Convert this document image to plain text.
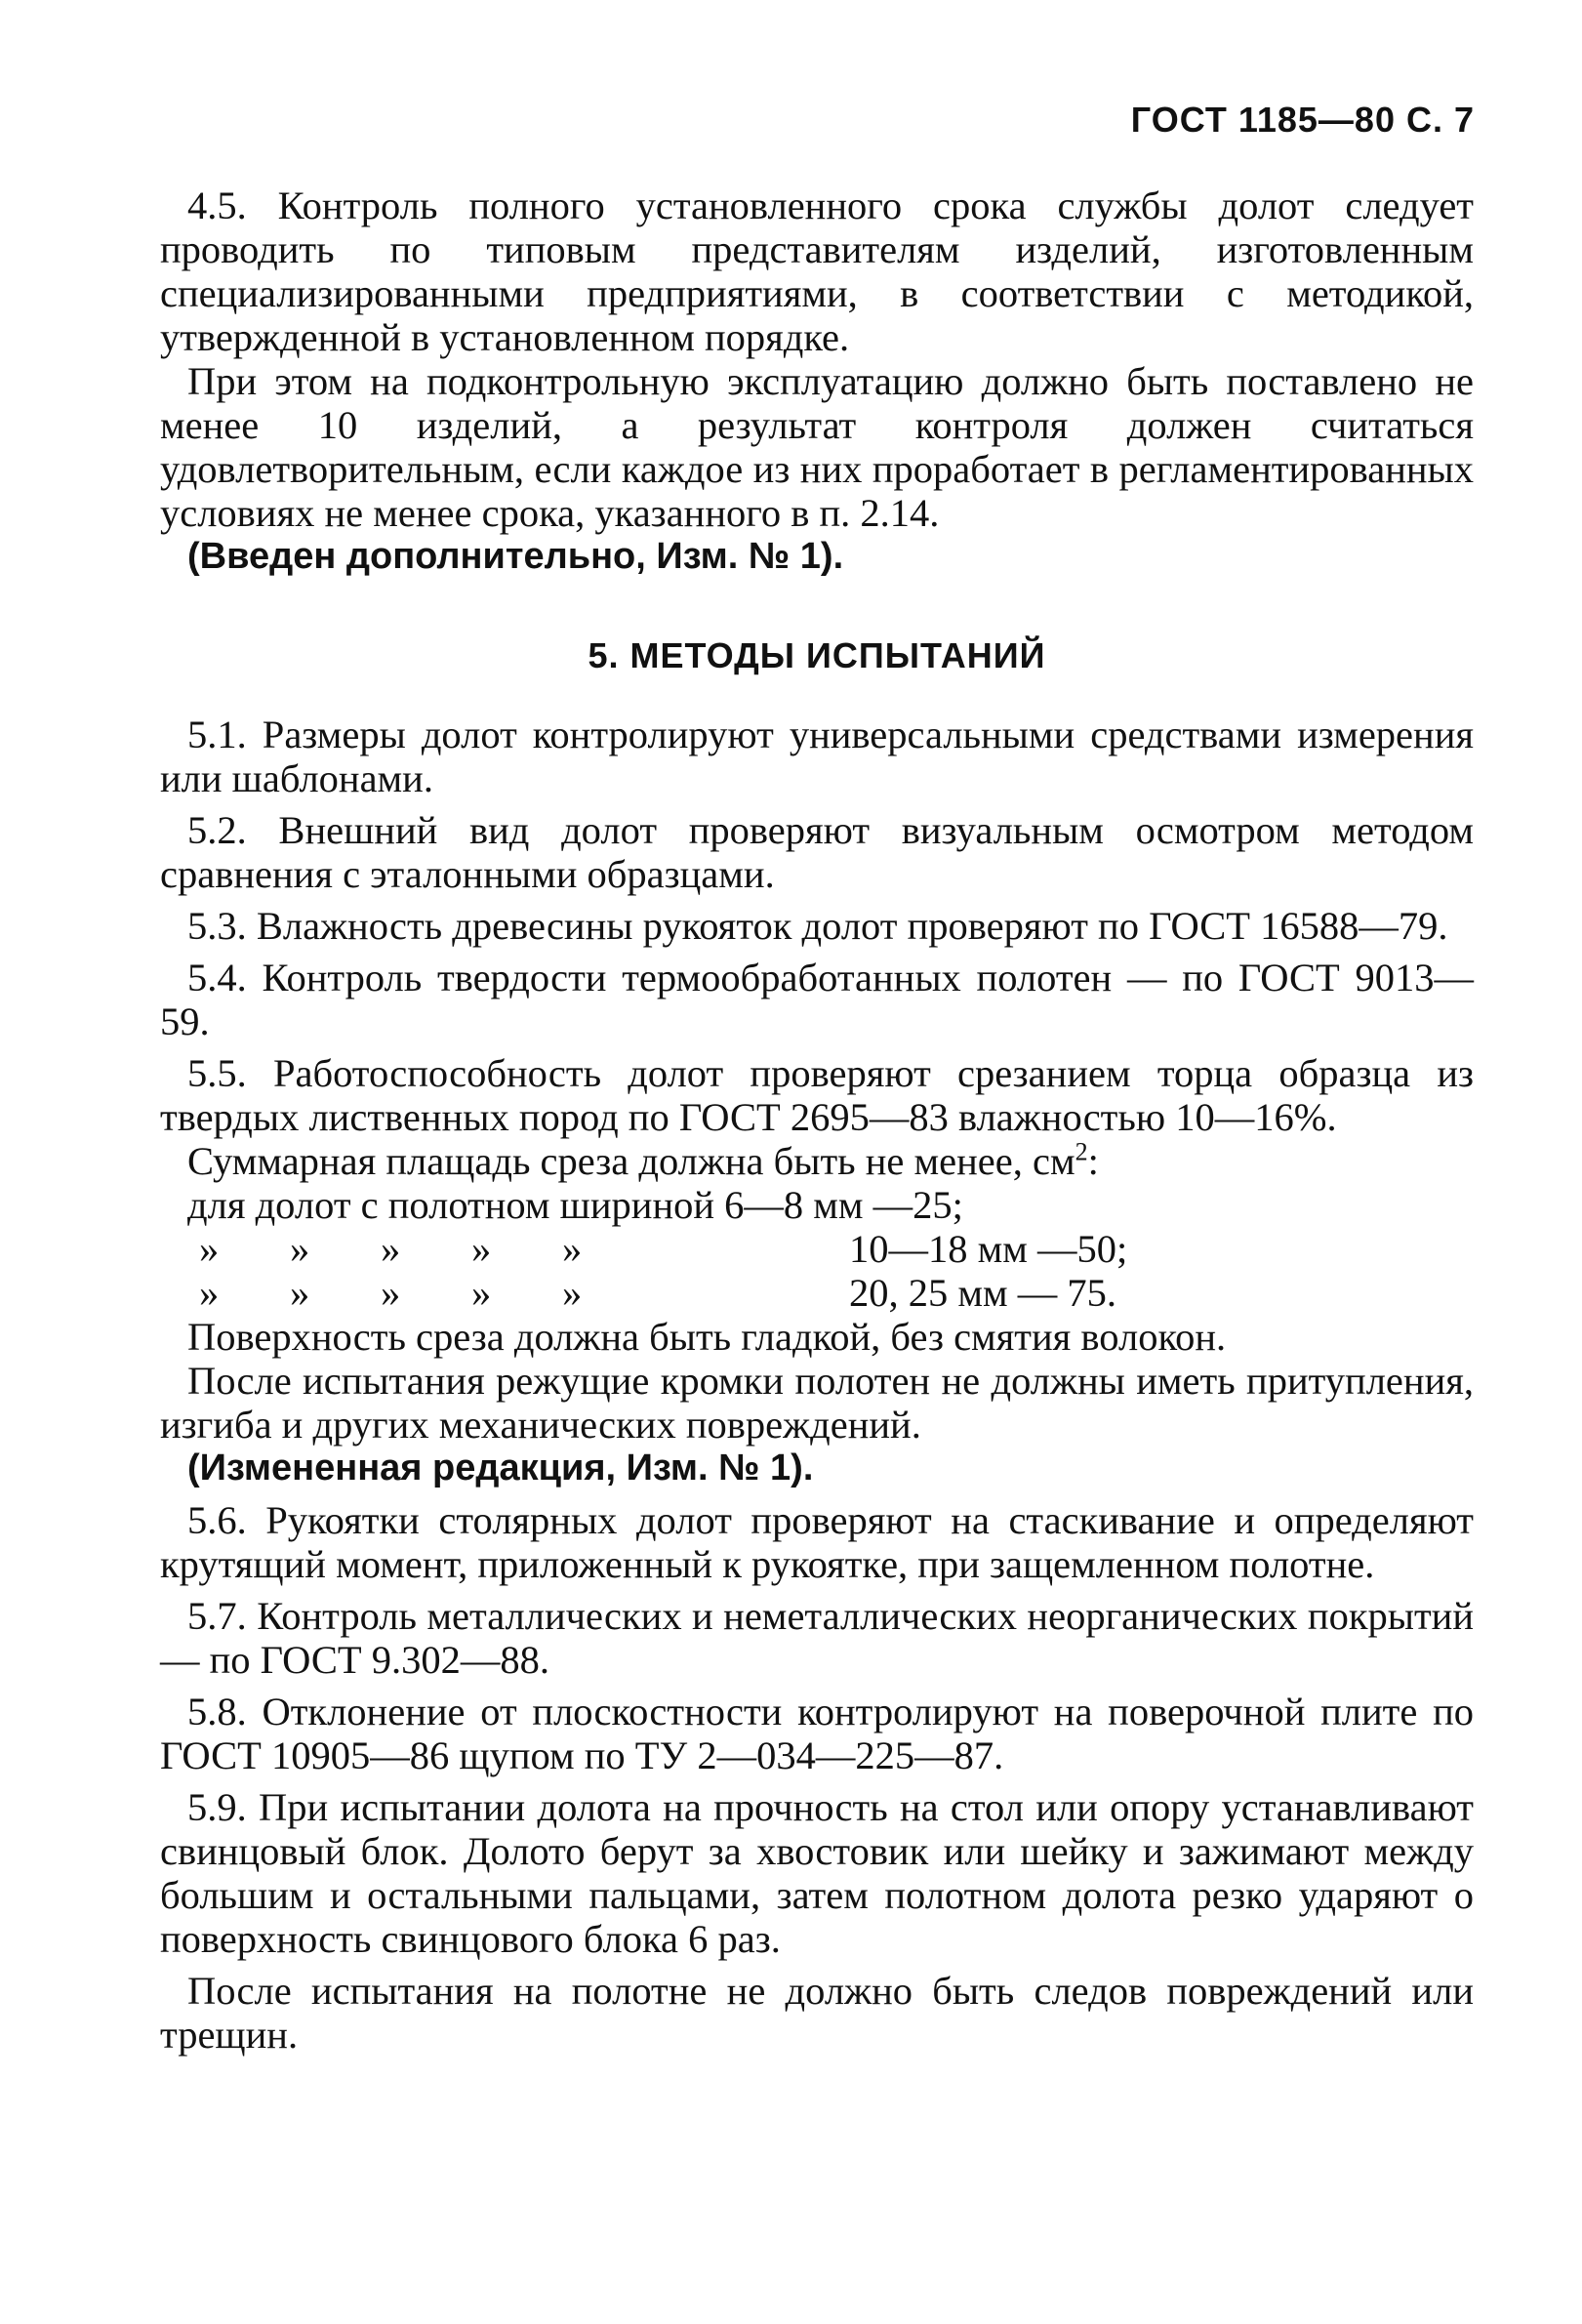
ГОСТ 1185—80 С. 7

4.5. Контроль полного установленного срока службы долот следует проводить по типовым представителям изделий, изготовленным специализированными предприятиями, в соответствии с методикой, утвержденной в установленном порядке.

При этом на подконтрольную эксплуатацию должно быть поставлено не менее 10 изделий, а результат контроля должен считаться удовлетворительным, если каждое из них проработает в регламентированных условиях не менее срока, указанного в п. 2.14.

(Введен дополнительно, Изм. № 1).

5. МЕТОДЫ ИСПЫТАНИЙ

5.1. Размеры долот контролируют универсальными средствами измерения или шаблонами.

5.2. Внешний вид долот проверяют визуальным осмотром методом сравнения с эталонными образцами.

5.3. Влажность древесины рукояток долот проверяют по ГОСТ 16588—79.

5.4. Контроль твердости термообработанных полотен — по ГОСТ 9013—59.

5.5. Работоспособность долот проверяют срезанием торца образца из твердых лиственных пород по ГОСТ 2695—83 влажностью 10—16%.

Суммарная плащадь среза должна быть не менее, $см^2$:

для долот с полотном шириной 6—8 мм —25;

»	»	»	»	»	10—18 мм —50;
»	»	»	»	»	20, 25 мм — 75.

Поверхность среза должна быть гладкой, без смятия волокон.

После испытания режущие кромки полотен не должны иметь притупления, изгиба и других механических повреждений.

(Измененная редакция, Изм. № 1).

5.6. Рукоятки столярных долот проверяют на стаскивание и определяют крутящий момент, приложенный к рукоятке, при защемленном полотне.

5.7. Контроль металлических и неметаллических неорганических покрытий — по ГОСТ 9.302—88.

5.8. Отклонение от плоскостности контролируют на поверочной плите по ГОСТ 10905—86 щупом по ТУ 2—034—225—87.

5.9. При испытании долота на прочность на стол или опору устанавливают свинцовый блок. Долото берут за хвостовик или шейку и зажимают между большим и остальными пальцами, затем полотном долота резко ударяют о поверхность свинцового блока 6 раз.

После испытания на полотне не должно быть следов повреждений или трещин.
